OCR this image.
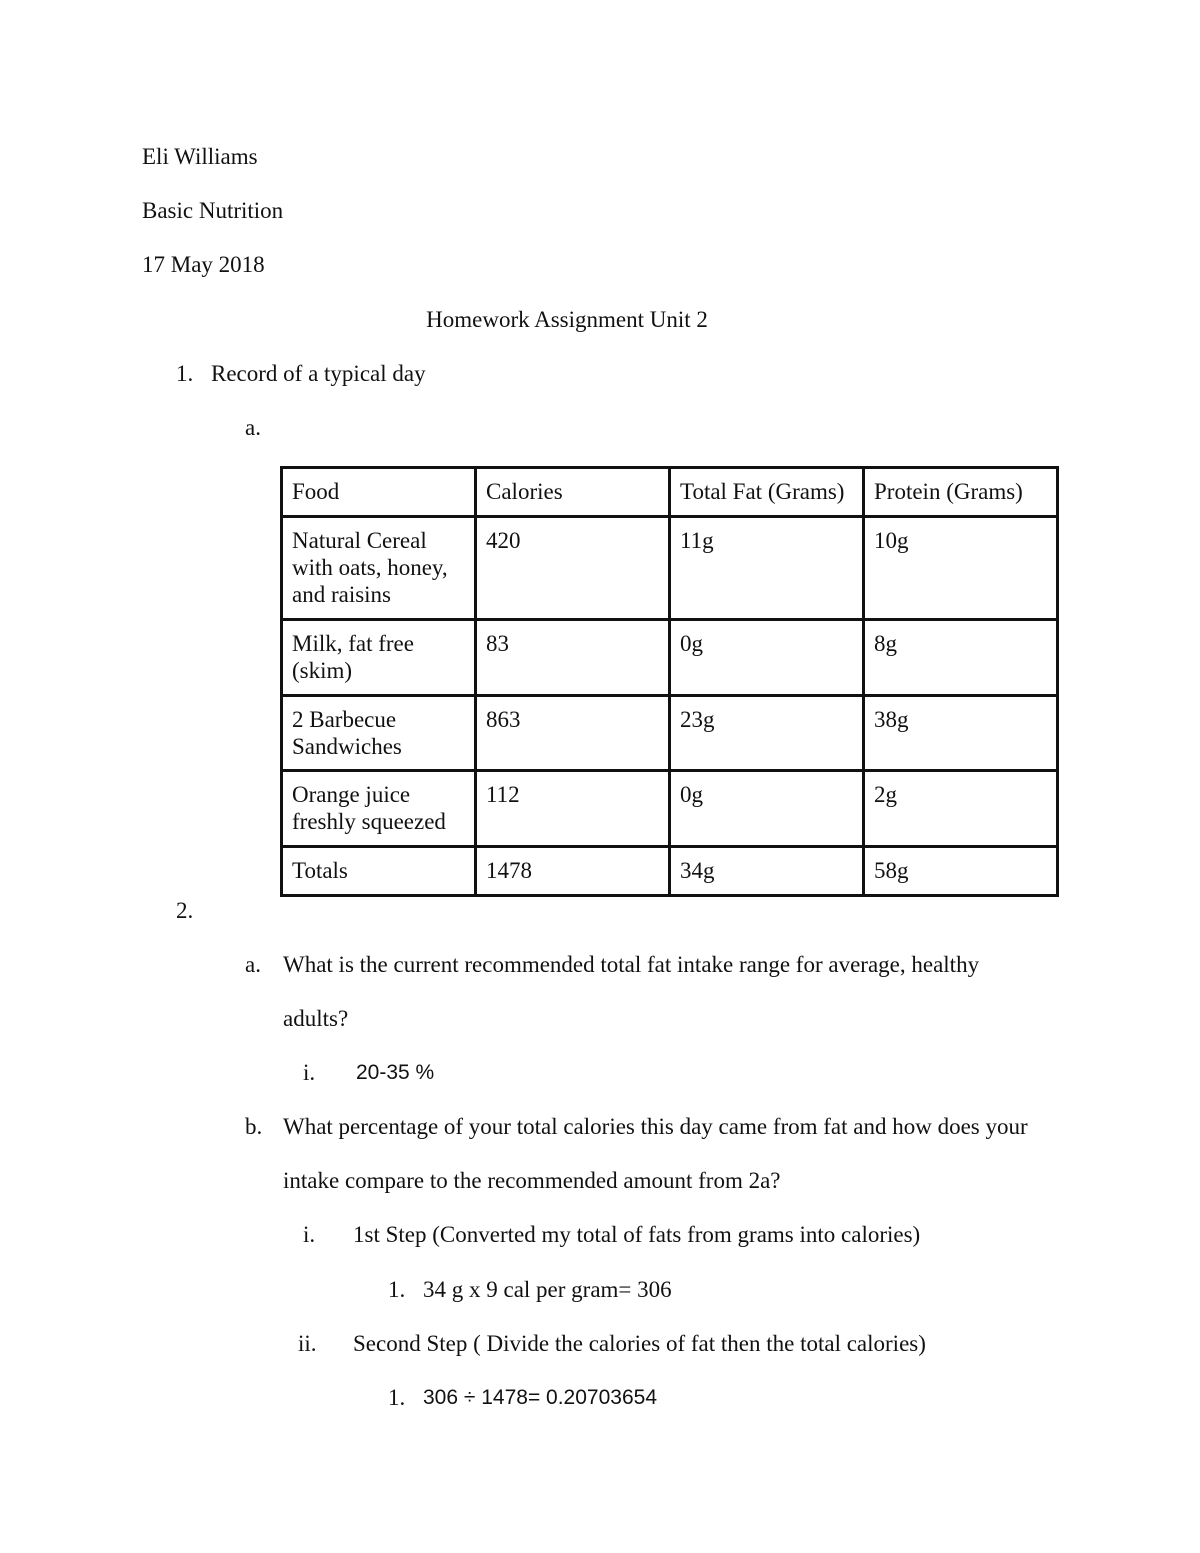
Eli Williams
Basic Nutrition
17 May 2018
Homework Assignment Unit 2
1. Record of a typical day
a.
Food	Calories	Total Fat (Grams)	Protein (Grams)
Natural Cereal with oats, honey, and raisins	420	11g	10g
Milk, fat free (skim)	83	0g	8g
2 Barbecue Sandwiches	863	23g	38g
Orange juice freshly squeezed	112	0g	2g
Totals	1478	34g	58g
2.
a. What is the current recommended total fat intake range for average, healthy
adults?
i. 20-35 %
b. What percentage of your total calories this day came from fat and how does your
intake compare to the recommended amount from 2a?
i. 1st Step (Converted my total of fats from grams into calories)
1. 34 g x 9 cal per gram= 306
ii. Second Step ( Divide the calories of fat then the total calories)
1. 306 ÷ 1478= 0.20703654
